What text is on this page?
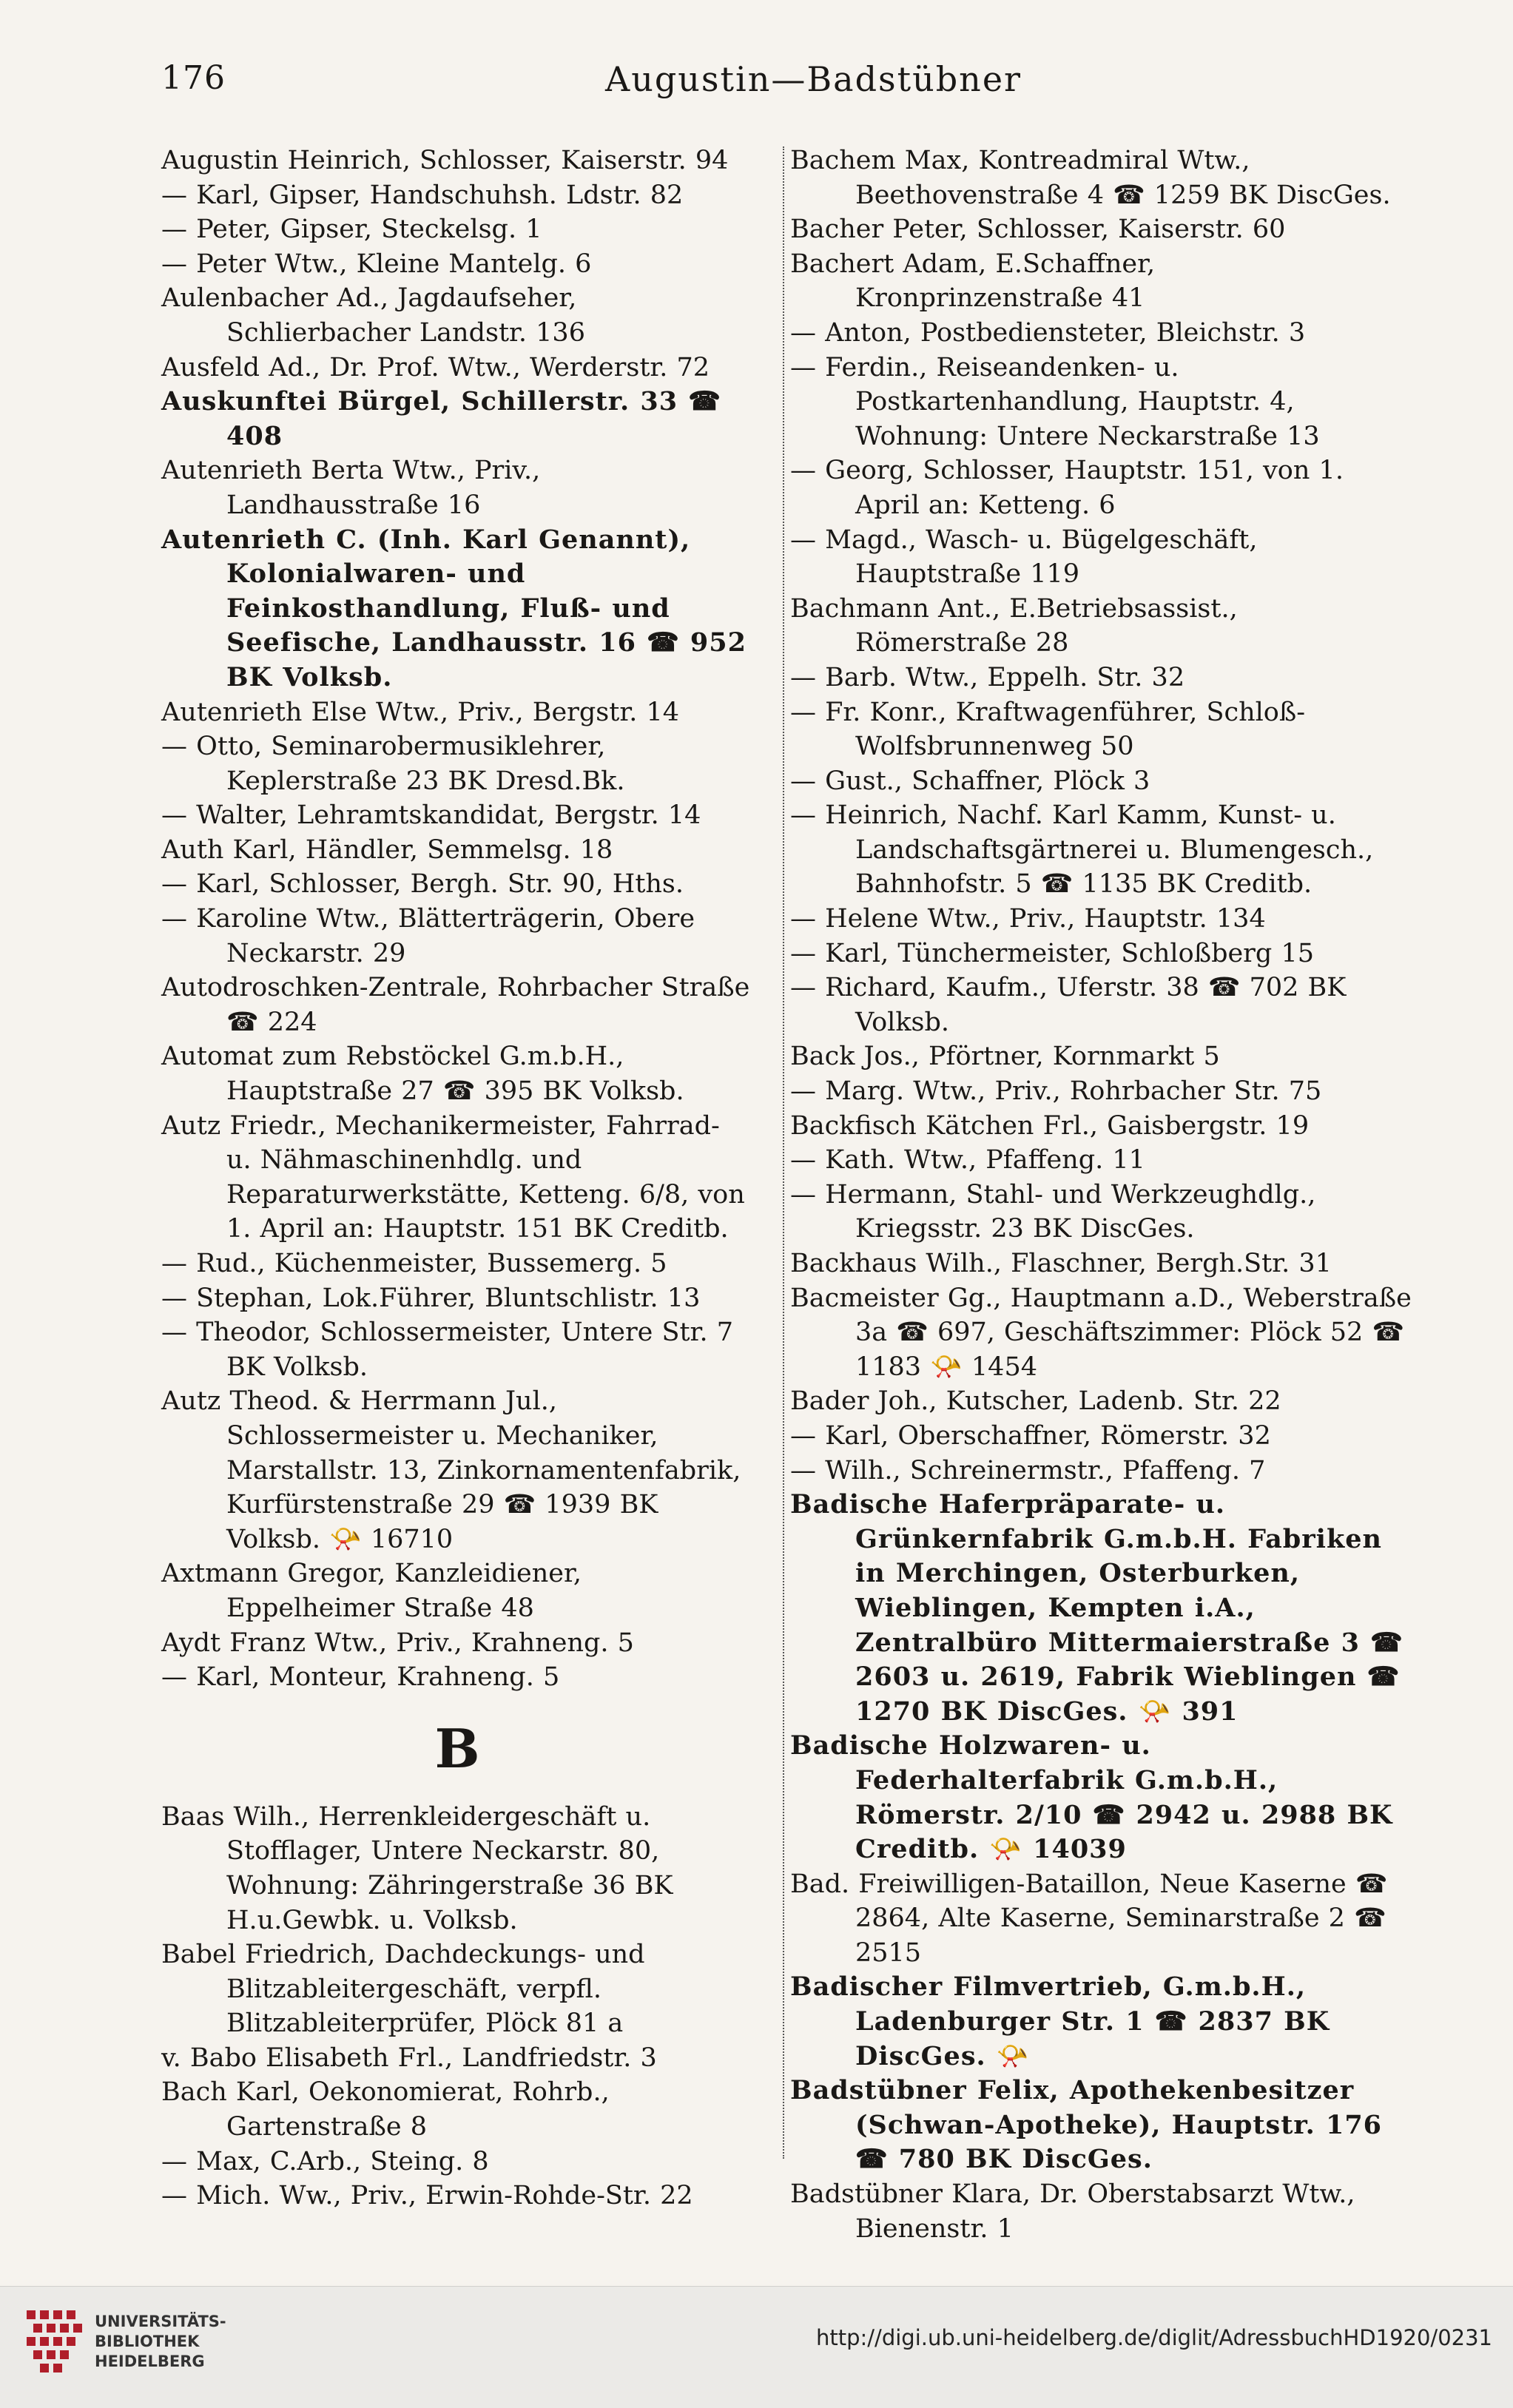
176	Augustin—Badstübner
Augustin Heinrich, Schlosser, Kaiserstr. 94
— Karl, Gipser, Handschuhsh. Ldstr. 82
— Peter, Gipser, Steckelsg. 1
— Peter Wtw., Kleine Mantelg. 6
Aulenbacher Ad., Jagdaufseher, Schlierbacher Landstr. 136
Ausfeld Ad., Dr. Prof. Wtw., Werderstr. 72
Auskunftei Bürgel, Schillerstr. 33 ☎ 408
Autenrieth Berta Wtw., Priv., Landhausstraße 16
Autenrieth C. (Inh. Karl Genannt), Kolonialwaren- und Feinkosthandlung, Fluß- und Seefische, Landhausstr. 16 ☎ 952 BK Volksb.
Autenrieth Else Wtw., Priv., Bergstr. 14
— Otto, Seminarobermusiklehrer, Keplerstraße 23 BK Dresd.Bk.
— Walter, Lehramtskandidat, Bergstr. 14
Auth Karl, Händler, Semmelsg. 18
— Karl, Schlosser, Bergh. Str. 90, Hths.
— Karoline Wtw., Blätterträgerin, Obere Neckarstr. 29
Autodroschken-Zentrale, Rohrbacher Straße ☎ 224
Automat zum Rebstöckel G.m.b.H., Hauptstraße 27 ☎ 395 BK Volksb.
Autz Friedr., Mechanikermeister, Fahrrad- u. Nähmaschinenhdlg. und Reparaturwerkstätte, Ketteng. 6/8, von 1. April an: Hauptstr. 151 BK Creditb.
— Rud., Küchenmeister, Bussemerg. 5
— Stephan, Lok.Führer, Bluntschlistr. 13
— Theodor, Schlossermeister, Untere Str. 7 BK Volksb.
Autz Theod. & Herrmann Jul., Schlossermeister u. Mechaniker, Marstallstr. 13, Zinkornamentenfabrik, Kurfürstenstraße 29 ☎ 1939 BK Volksb. 📯 16710
Axtmann Gregor, Kanzleidiener, Eppelheimer Straße 48
Aydt Franz Wtw., Priv., Krahneng. 5
— Karl, Monteur, Krahneng. 5
B
Baas Wilh., Herrenkleidergeschäft u. Stofflager, Untere Neckarstr. 80, Wohnung: Zähringerstraße 36 BK H.u.Gewbk. u. Volksb.
Babel Friedrich, Dachdeckungs- und Blitzableitergeschäft, verpfl. Blitzableiterprüfer, Plöck 81 a
v. Babo Elisabeth Frl., Landfriedstr. 3
Bach Karl, Oekonomierat, Rohrb., Gartenstraße 8
— Max, C.Arb., Steing. 8
— Mich. Ww., Priv., Erwin-Rohde-Str. 22
Bachem Max, Kontreadmiral Wtw., Beethovenstraße 4 ☎ 1259 BK DiscGes.
Bacher Peter, Schlosser, Kaiserstr. 60
Bachert Adam, E.Schaffner, Kronprinzenstraße 41
— Anton, Postbediensteter, Bleichstr. 3
— Ferdin., Reiseandenken- u. Postkartenhandlung, Hauptstr. 4, Wohnung: Untere Neckarstraße 13
— Georg, Schlosser, Hauptstr. 151, von 1. April an: Ketteng. 6
— Magd., Wasch- u. Bügelgeschäft, Hauptstraße 119
Bachmann Ant., E.Betriebsassist., Römerstraße 28
— Barb. Wtw., Eppelh. Str. 32
— Fr. Konr., Kraftwagenführer, Schloß-Wolfsbrunnenweg 50
— Gust., Schaffner, Plöck 3
— Heinrich, Nachf. Karl Kamm, Kunst- u. Landschaftsgärtnerei u. Blumengesch., Bahnhofstr. 5 ☎ 1135 BK Creditb.
— Helene Wtw., Priv., Hauptstr. 134
— Karl, Tünchermeister, Schloßberg 15
— Richard, Kaufm., Uferstr. 38 ☎ 702 BK Volksb.
Back Jos., Pförtner, Kornmarkt 5
— Marg. Wtw., Priv., Rohrbacher Str. 75
Backfisch Kätchen Frl., Gaisbergstr. 19
— Kath. Wtw., Pfaffeng. 11
— Hermann, Stahl- und Werkzeughdlg., Kriegsstr. 23 BK DiscGes.
Backhaus Wilh., Flaschner, Bergh.Str. 31
Bacmeister Gg., Hauptmann a.D., Weberstraße 3a ☎ 697, Geschäftszimmer: Plöck 52 ☎ 1183 📯 1454
Bader Joh., Kutscher, Ladenb. Str. 22
— Karl, Oberschaffner, Römerstr. 32
— Wilh., Schreinermstr., Pfaffeng. 7
Badische Haferpräparate- u. Grünkernfabrik G.m.b.H. Fabriken in Merchingen, Osterburken, Wieblingen, Kempten i.A., Zentralbüro Mittermaierstraße 3 ☎ 2603 u. 2619, Fabrik Wieblingen ☎ 1270 BK DiscGes. 📯 391
Badische Holzwaren- u. Federhalterfabrik G.m.b.H., Römerstr. 2/10 ☎ 2942 u. 2988 BK Creditb. 📯 14039
Bad. Freiwilligen-Bataillon, Neue Kaserne ☎ 2864, Alte Kaserne, Seminarstraße 2 ☎ 2515
Badischer Filmvertrieb, G.m.b.H., Ladenburger Str. 1 ☎ 2837 BK DiscGes. 📯
Badstübner Felix, Apothekenbesitzer (Schwan-Apotheke), Hauptstr. 176 ☎ 780 BK DiscGes.
Badstübner Klara, Dr. Oberstabsarzt Wtw., Bienenstr. 1
UNIVERSITÄTS-
BIBLIOTHEK
HEIDELBERG
http://digi.ub.uni-heidelberg.de/diglit/AdressbuchHD1920/0231
